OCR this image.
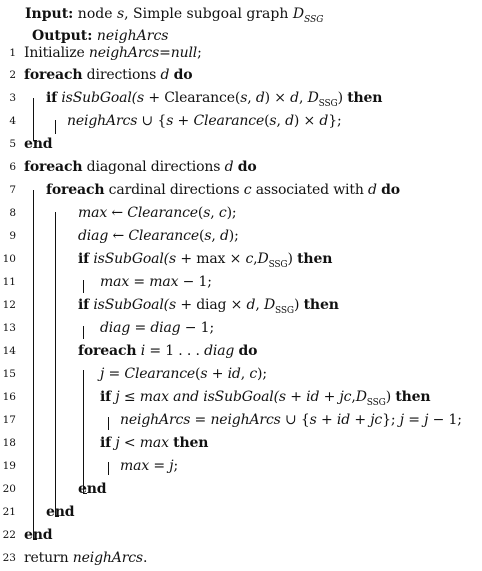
Input: node s, Simple subgoal graph $D_{SSG}$
Output: neighArcs
1 Initialize neighArcs=null;
2 foreach directions d do
3 if isSubGoal(s + Clearance(s, d) × d, $D_{SSG}$) then
4	neighArcs ∪ {s + Clearance(s, d) × d};
5 end
6 foreach diagonal directions d do
7 foreach cardinal directions c associated with d do
8	max ← Clearance(s, c);
9	diag ← Clearance(s, d);
10	if isSubGoal(s + $\max \times c,D_{SSG}$) then
11	max = max − 1;
12	if isSubGoal(s + diag × d, $D_{SSG}$) then
13	diag = diag − 1;
14	foreach i = 1 . . . diag do
15	j = Clearance(s + id, c);
16	if j ≤ max and isSubGoal(s + id + $jc,D_{SSG}$) then
17	neighArcs = neighArcs ∪ {s + id + jc}; j = j − 1;
18	if j < max then
19	max = j;
20	end
21 end
22 end
23 return neighArcs.
